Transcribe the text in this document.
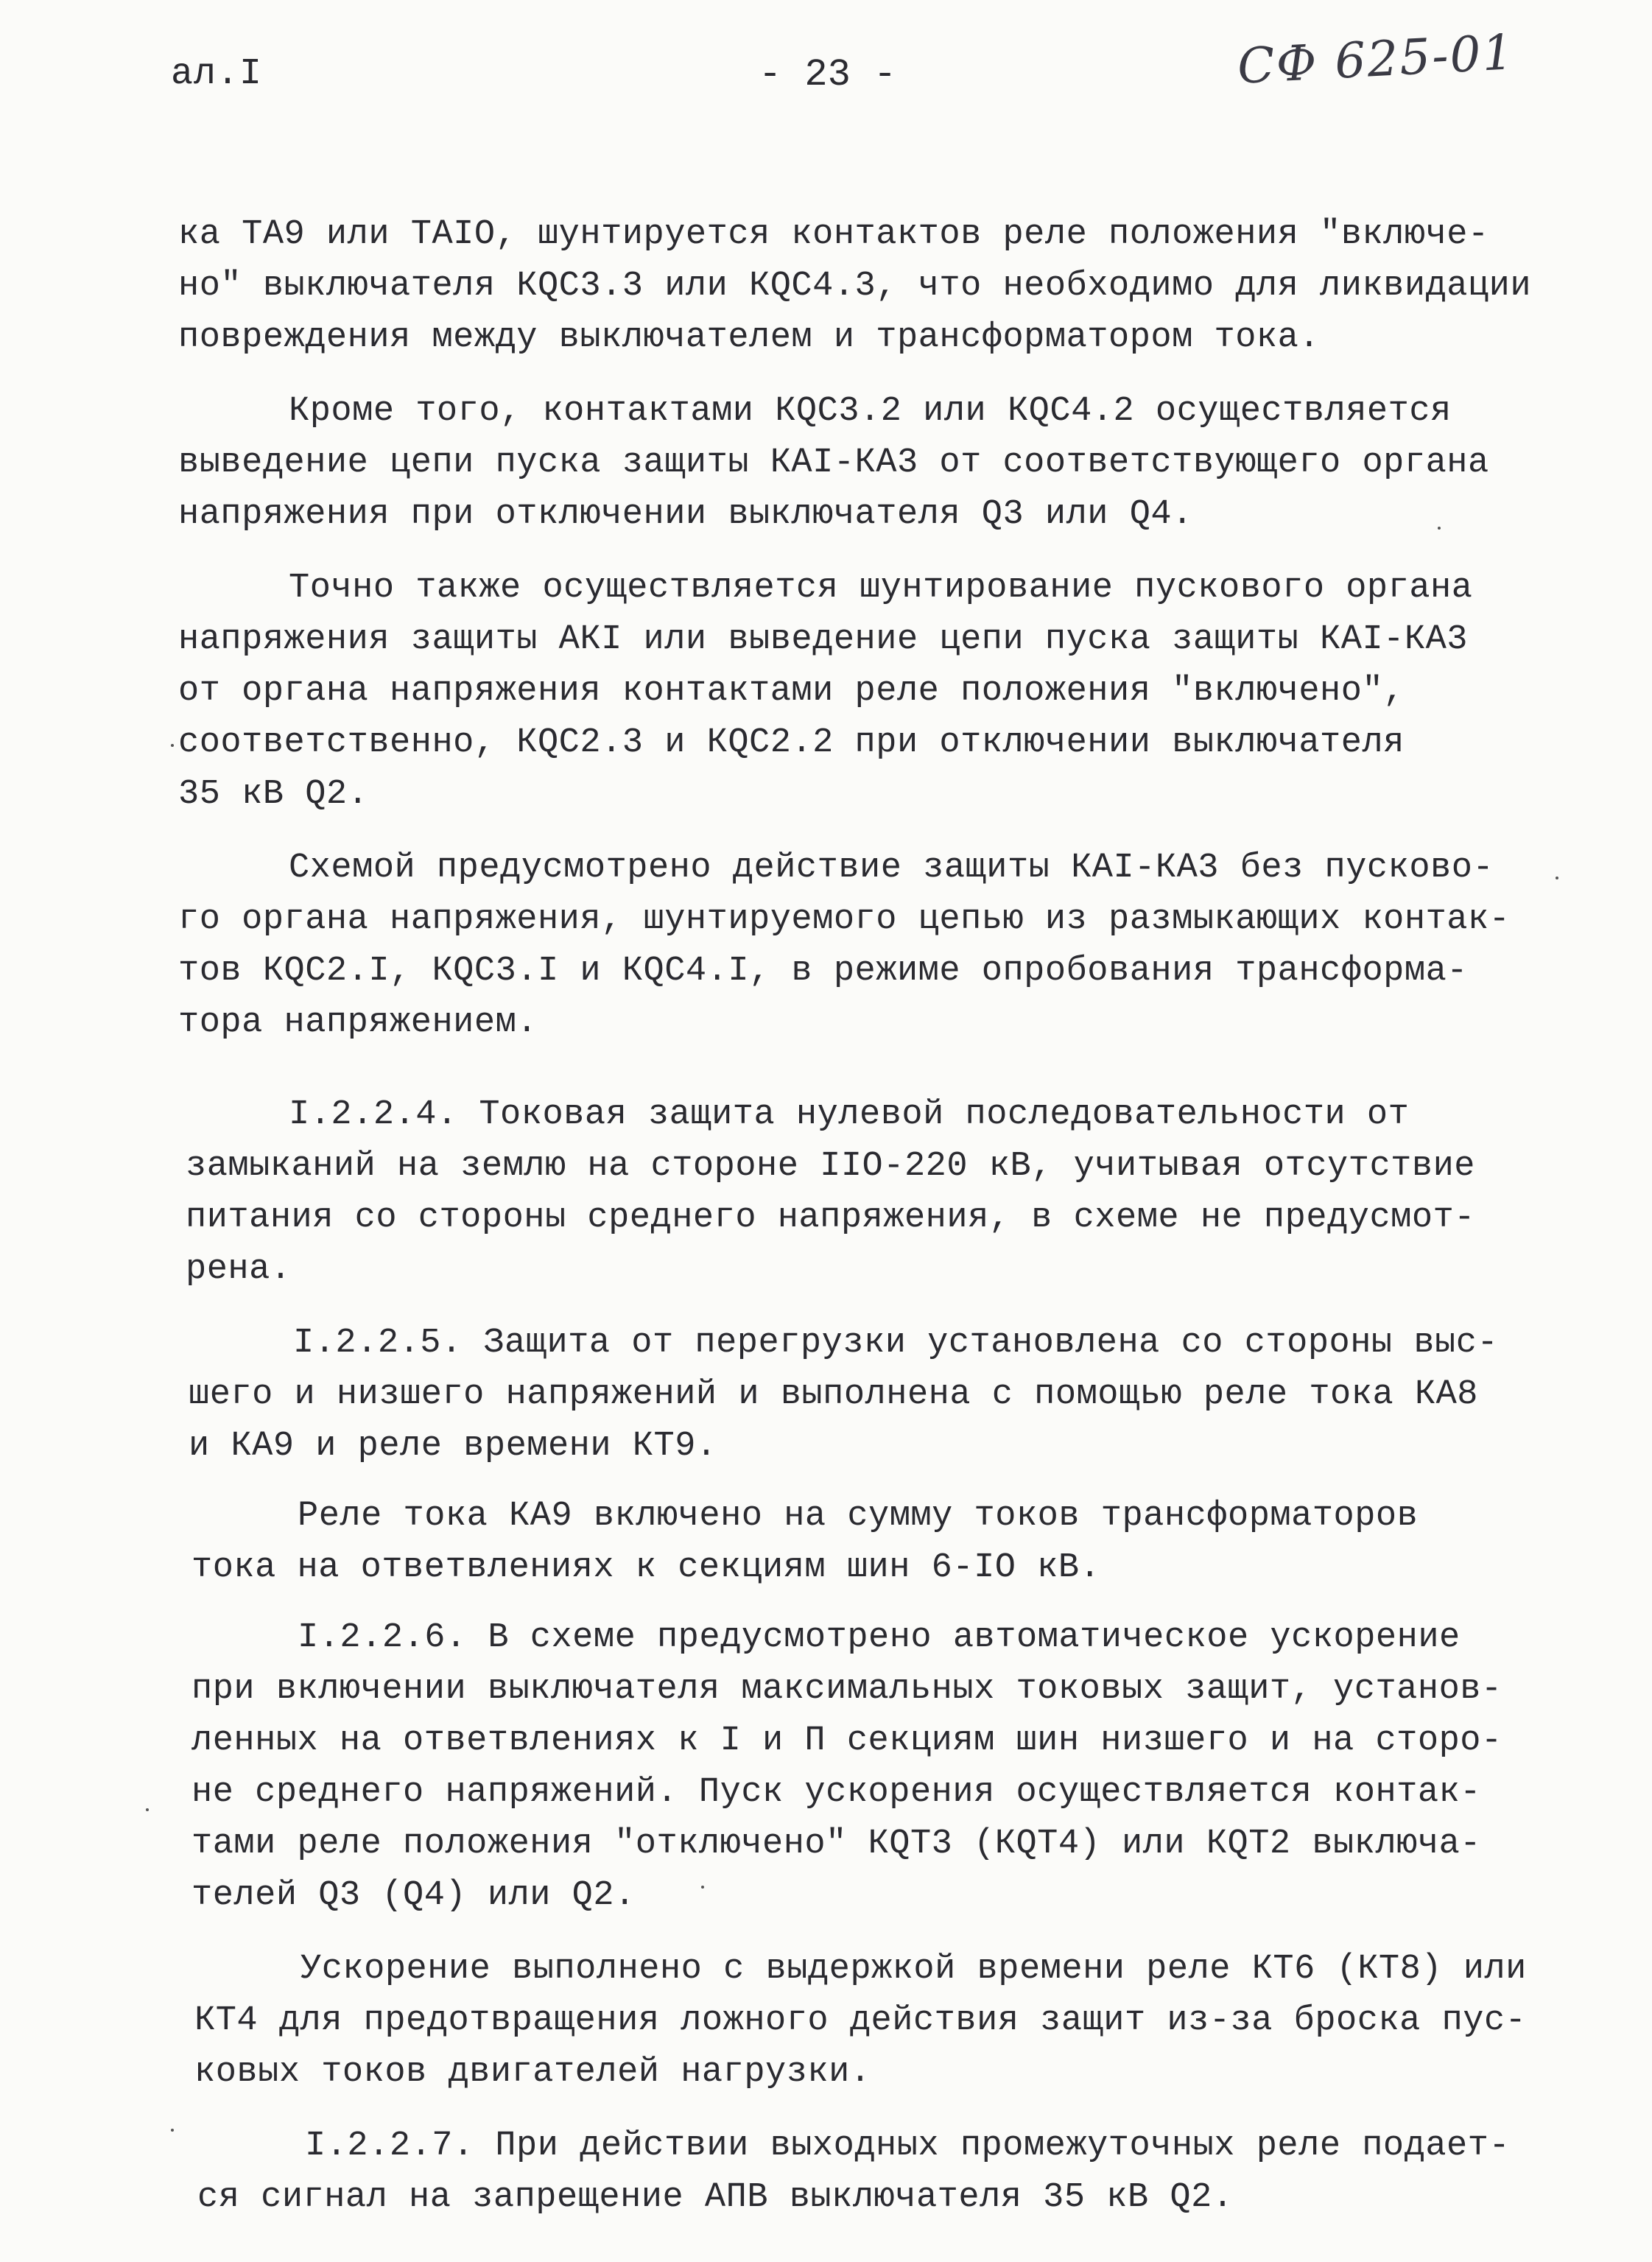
ал.I	- 23 -	СФ 625-01
ка ТА9 или ТАIО, шунтируется контактов реле положения "включе-
но" выключателя КQС3.3 или КQС4.3, что необходимо для ликвидации
повреждения между выключателем и трансформатором тока.
Кроме того, контактами КQС3.2 или КQС4.2 осуществляется
выведение цепи пуска защиты КАI-КА3 от соответствующего органа
напряжения при отключении выключателя Q3 или Q4.
Точно также осуществляется шунтирование пускового органа
напряжения защиты АКI или выведение цепи пуска защиты КАI-КА3
от органа напряжения контактами реле положения "включено",
соответственно, КQС2.3 и КQС2.2 при отключении выключателя
35 кВ Q2.
Схемой предусмотрено действие защиты КАI-КА3 без пусково-
го органа напряжения, шунтируемого цепью из размыкающих контак-
тов КQС2.I, КQС3.I и КQС4.I, в режиме опробования трансформа-
тора напряжением.
I.2.2.4. Токовая защита нулевой последовательности от
замыканий на землю на стороне IIО-220 кВ, учитывая отсутствие
питания со стороны среднего напряжения, в схеме не предусмот-
рена.
I.2.2.5. Защита от перегрузки установлена со стороны выс-
шего и низшего напряжений и выполнена с помощью реле тока КА8
и КА9 и реле времени КТ9.
Реле тока КА9 включено на сумму токов трансформаторов
тока на ответвлениях к секциям шин 6-IО кВ.
I.2.2.6. В схеме предусмотрено автоматическое ускорение
при включении выключателя максимальных токовых защит, установ-
ленных на ответвлениях к I и П секциям шин низшего и на сторо-
не среднего напряжений. Пуск ускорения осуществляется контак-
тами реле положения "отключено" КQТ3 (КQТ4) или КQТ2 выключа-
телей Q3 (Q4) или Q2.
Ускорение выполнено с выдержкой времени реле КТ6 (КТ8) или
КТ4 для предотвращения ложного действия защит из-за броска пус-
ковых токов двигателей нагрузки.
I.2.2.7. При действии выходных промежуточных реле подает-
ся сигнал на запрещение АПВ выключателя 35 кВ Q2.
